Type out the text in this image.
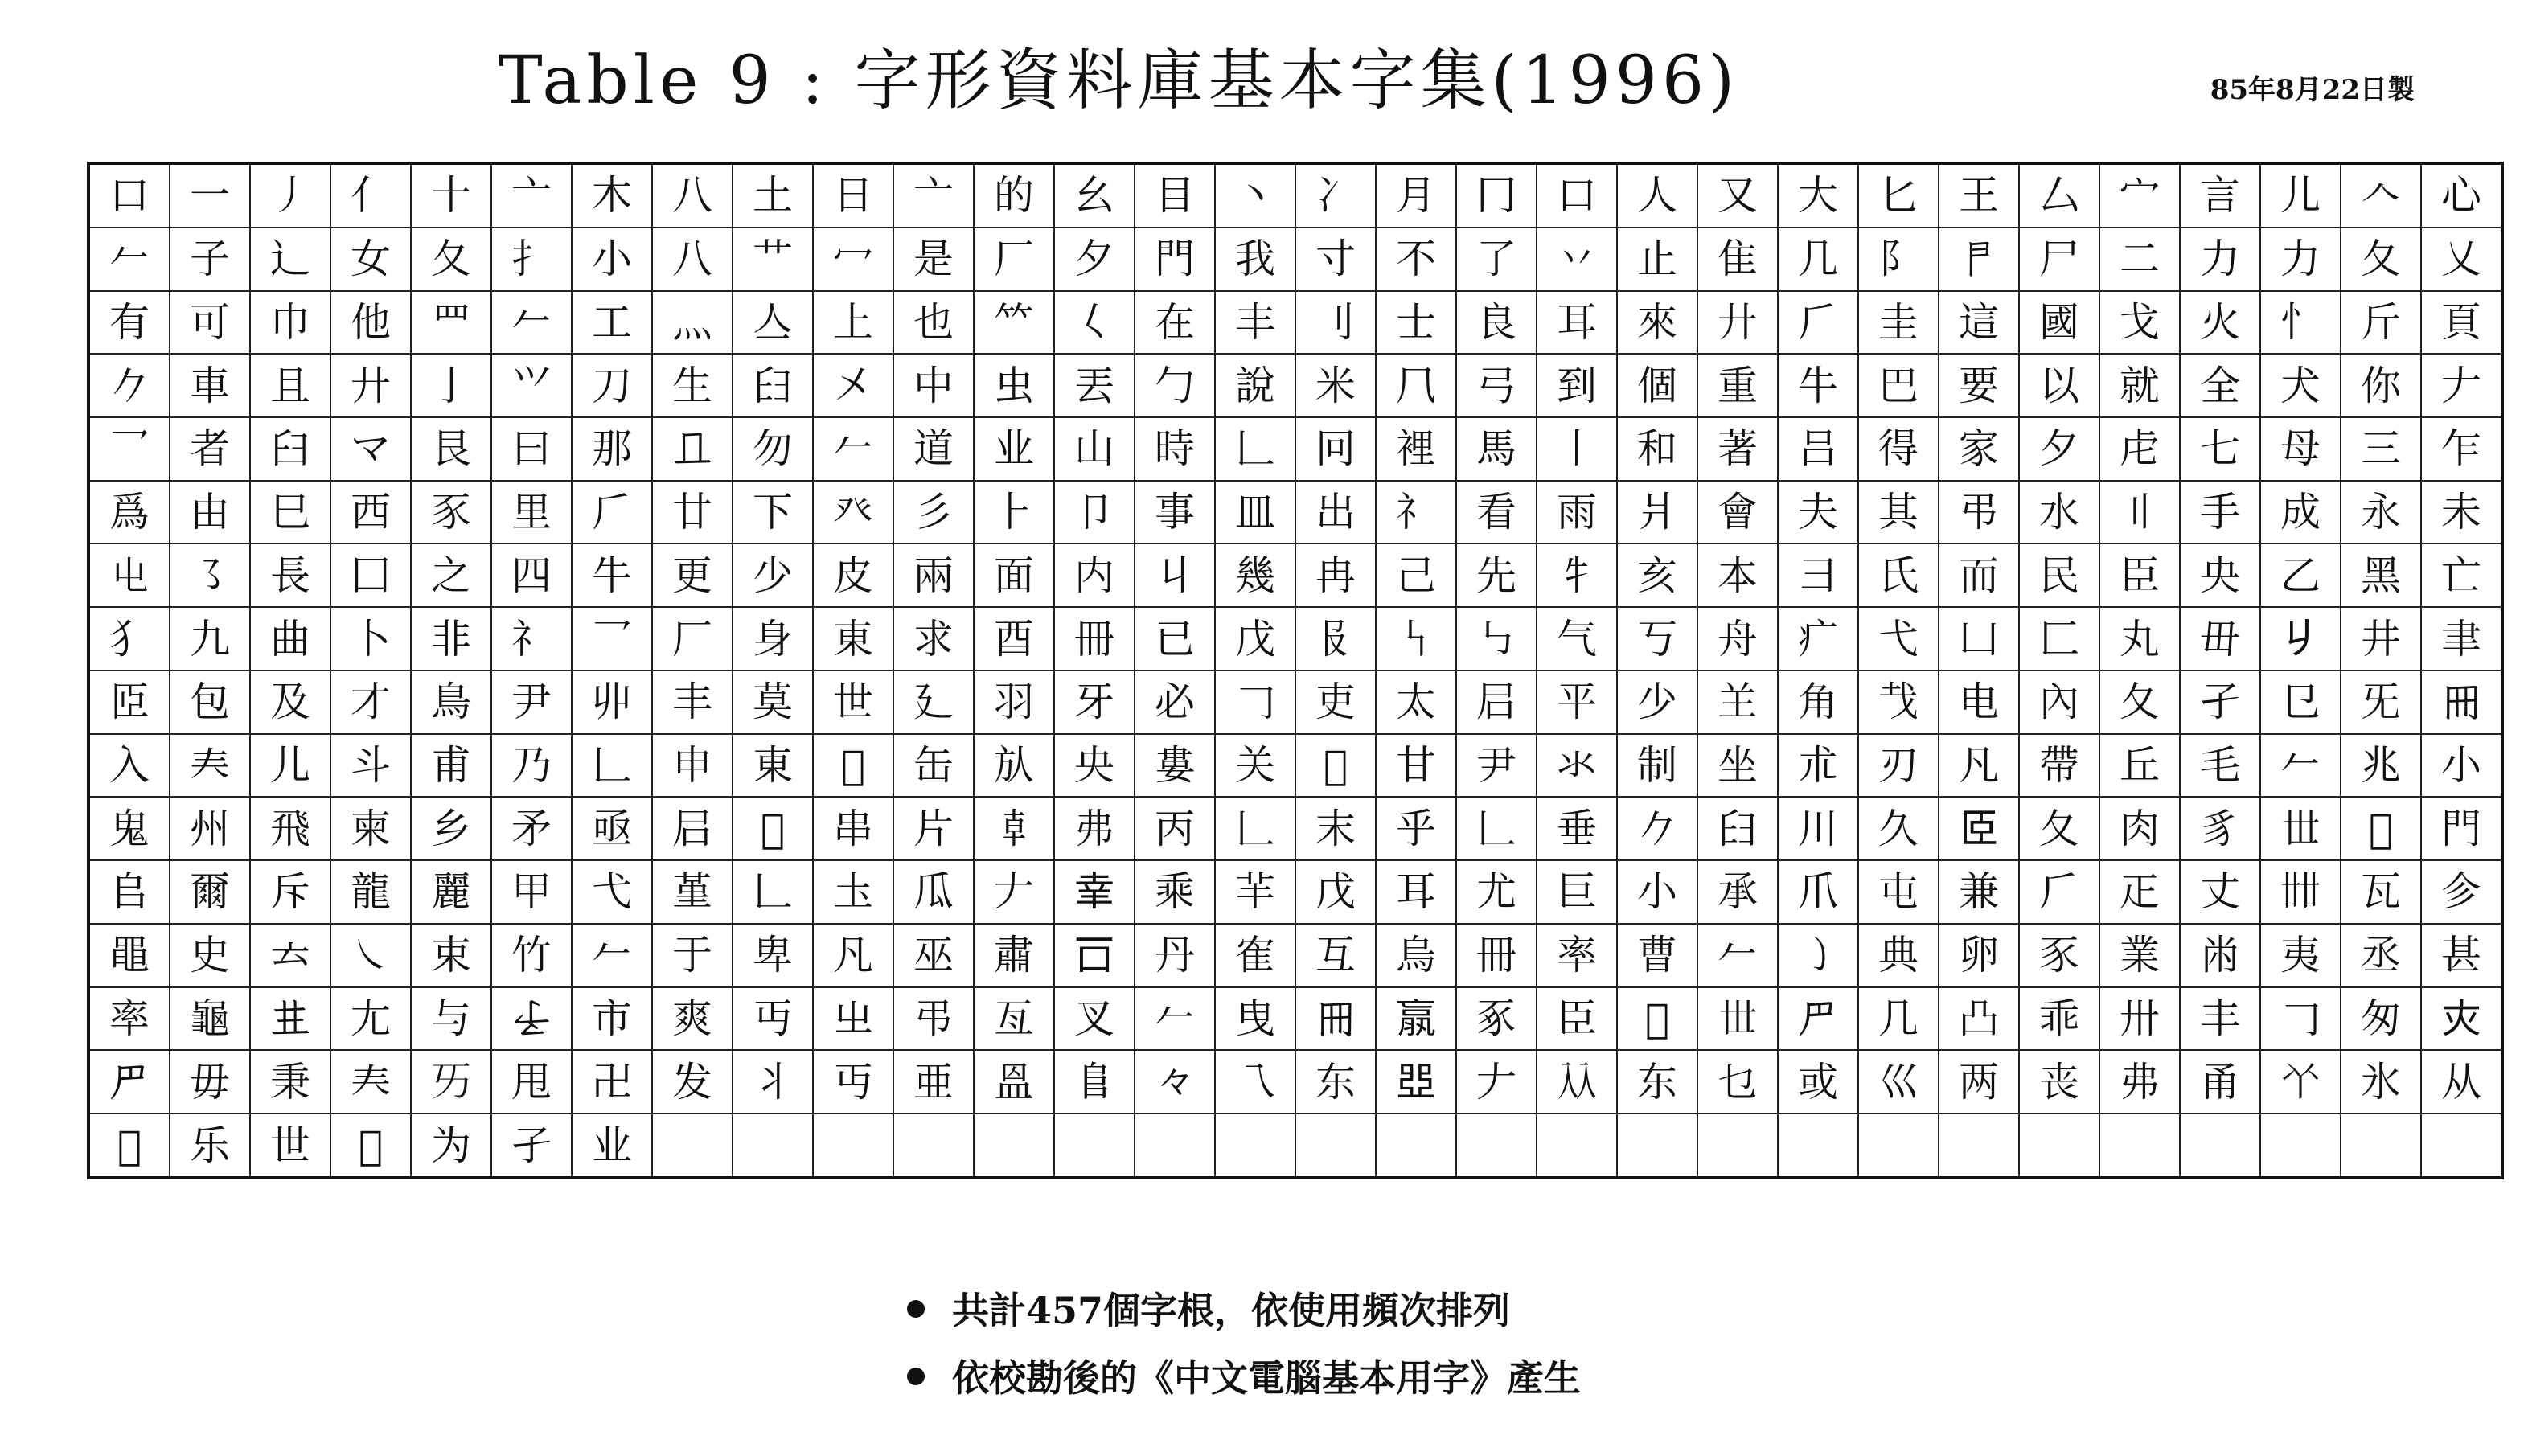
Table 9 : 字形資料庫基本字集(1996)	85年8月22日製
口	一	丿	亻	十	亠	木	八	土	日	亠	的	幺	目	丶	冫	月	冂	口	人	又	大	匕	王	厶	宀	言	儿	𠆢	心
𠂉	子	辶	女	夂	扌	小	八	艹	冖	是	厂	夕	門	我	寸	不	了	丷	止	隹	几	阝	𠁣	尸	二	力	力	夂	乂
有	可	巾	他	罒	𠂉	工	灬	亼	上	也	𥫗	𡿨	在	丰	刂	士	良	耳	來	廾	𠂆	圭	這	國	戈	火	忄	斤	頁
𠂊	車	且	廾	亅	𭕄	刀	生	𦥑	㐅	中	虫	丟	勹	說	米	𠘨	弓	到	個	重	牛	巴	要	以	就	全	犬	你	𠂇
乛	者	臼	マ	艮	曰	那	𠀃	勿	𠂉	道	业	山	時	𠃊	冋	裡	馬	丨	和	著	吕	得	家	夕	虍	七	母	三	乍
爲	由	巳	西	豕	里	𠂆	廿	下	癶	彡	⺊	卩	事	皿	出	礻	看	雨	爿	會	夫	其	弔	水	〢	手	成	永	未
𡳾	㇌	長	囗	之	四	牛	更	少	皮	兩	面	内	丩	幾	冉	己	先	牜	亥	本	彐	氏	而	民	臣	央	乙	黑	亡
犭	九	曲	卜	非	礻	乛	厂	身	東	求	酉	冊	已	戊	𠬝	𠃑	㇉	气	丂	舟	疒	弋	凵	匚	丸	毌	𠂈	井	聿
𦣝	包	及	才	鳥	尹	丱	丰	莫	世	廴	羽	牙	必	𠃌	吏	太	𡰪	平	少	𦍌	角	𢦏	电	內	夂	孑	㔾	旡	𠕁
入	𡗗	儿	斗	甫	乃	𠃊	申	東	𠂦	缶	㫃	央	婁	关	𠀆	甘	尹	氺	制	坐	朮	刃	凡	帶	丘	毛	𠂉	兆	小
鬼	州	飛	柬	乡	矛	亟	𡰪	𡴀	串	片	𠦝	弗	丙	𠃊	末	乎	𠃊	垂	𠂊	𦥑	川	久	𦣞	夂	肉	豸	𠀍	𦊰	門
𠂤	爾	斥	龍	麗	甲	弋	堇	𠃊	圡	瓜	𠂇	𦍒	乘	𦍋	戊	耳	尤	巨	小	承	爪	屯	兼	𠂆	𤴓	丈	𠦜	瓦	㐱
黽	史	𠫓	㇏	束	竹	𠂉	于	卑	凡	巫	肅	𠮛	丹	隺	互	烏	冊	率	曹	𠂉	㇁	典	卵	豕	業	㡀	夷	丞	甚
率	龜	𠀎	尢	与	𠄔	市	爽	丏	㞢	弔	亙	叉	𠂉	曳	𠕁	𣎆	豖	臣	𠆭	𠀍	𠃜	几	凸	乖	卅	丰	𠃌	匆	𡗜
𠃜	毋	秉	𡗗	𠀅	甩	卍	发	丬	丏	亜	𥁕	𨸏	𠚤	乁	东	𠁁	𠂇	𠓜	东	乜	或	巛	两	丧	弗	甬	𠁥	氷	从
𠆆	乐	世	𠂡	为	孑	业																							
共計457個字根，依使用頻次排列
依校勘後的《中文電腦基本用字》產生
